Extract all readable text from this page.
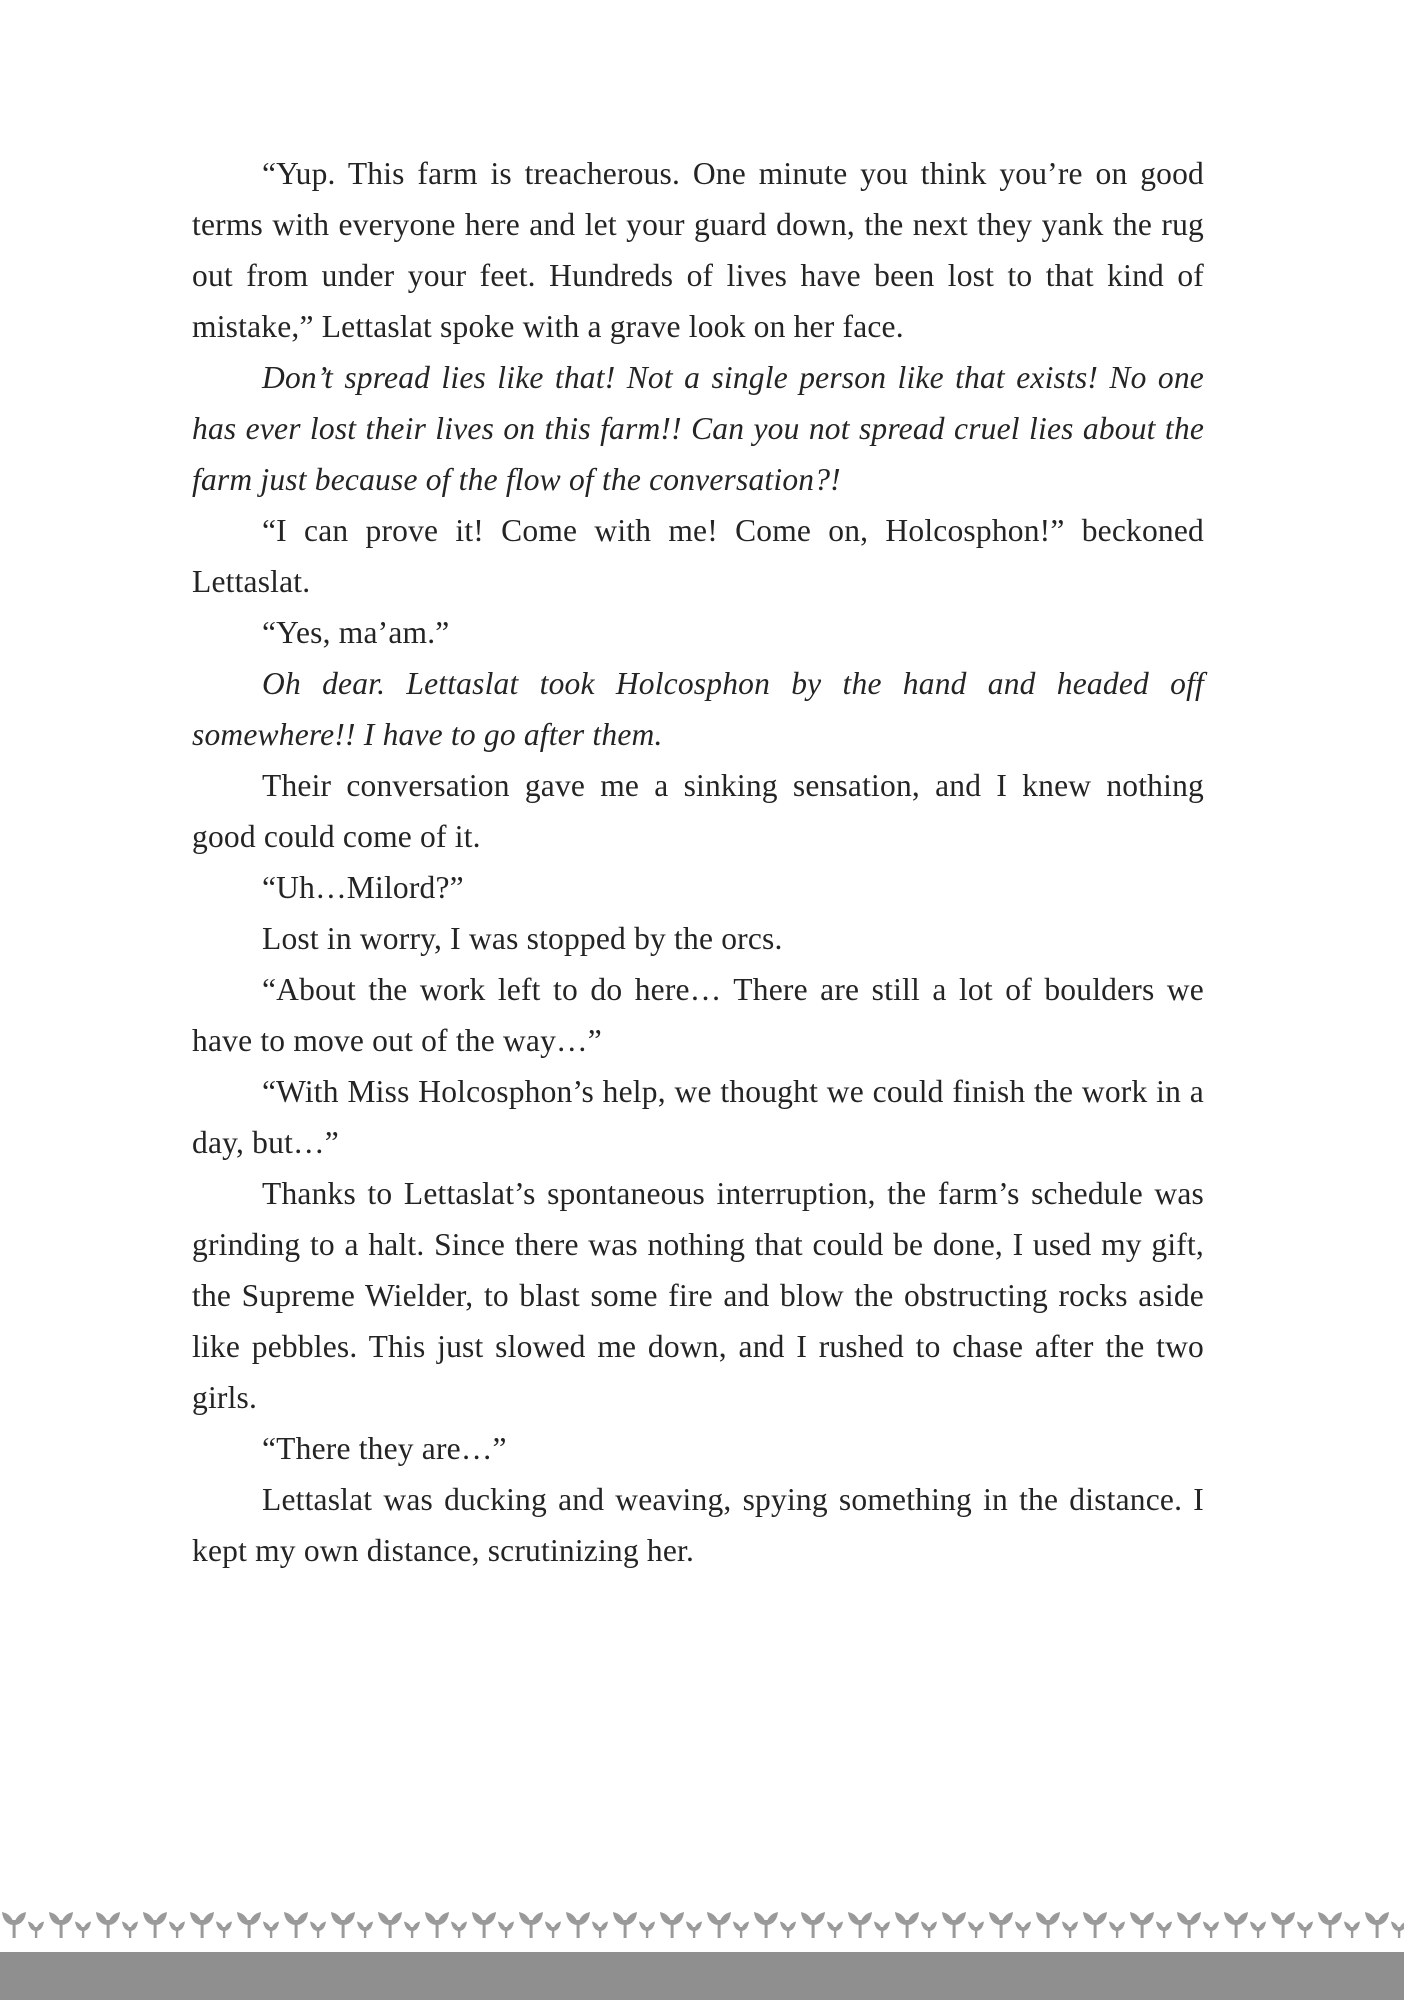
“Yup. This farm is treacherous. One minute you think you’re on good terms with everyone here and let your guard down, the next they yank the rug out from under your feet. Hundreds of lives have been lost to that kind of mistake,” Lettaslat spoke with a grave look on her face.

Don’t spread lies like that! Not a single person like that exists! No one has ever lost their lives on this farm!! Can you not spread cruel lies about the farm just because of the flow of the conversation?!

“I can prove it! Come with me! Come on, Holcosphon!” beckoned Lettaslat.

“Yes, ma’am.”

Oh dear. Lettaslat took Holcosphon by the hand and headed off somewhere!! I have to go after them.

Their conversation gave me a sinking sensation, and I knew nothing good could come of it.

“Uh…Milord?”

Lost in worry, I was stopped by the orcs.

“About the work left to do here… There are still a lot of boulders we have to move out of the way…”

“With Miss Holcosphon’s help, we thought we could finish the work in a day, but…”

Thanks to Lettaslat’s spontaneous interruption, the farm’s schedule was grinding to a halt. Since there was nothing that could be done, I used my gift, the Supreme Wielder, to blast some fire and blow the obstructing rocks aside like pebbles. This just slowed me down, and I rushed to chase after the two girls.

“There they are…”

Lettaslat was ducking and weaving, spying something in the distance. I kept my own distance, scrutinizing her.
